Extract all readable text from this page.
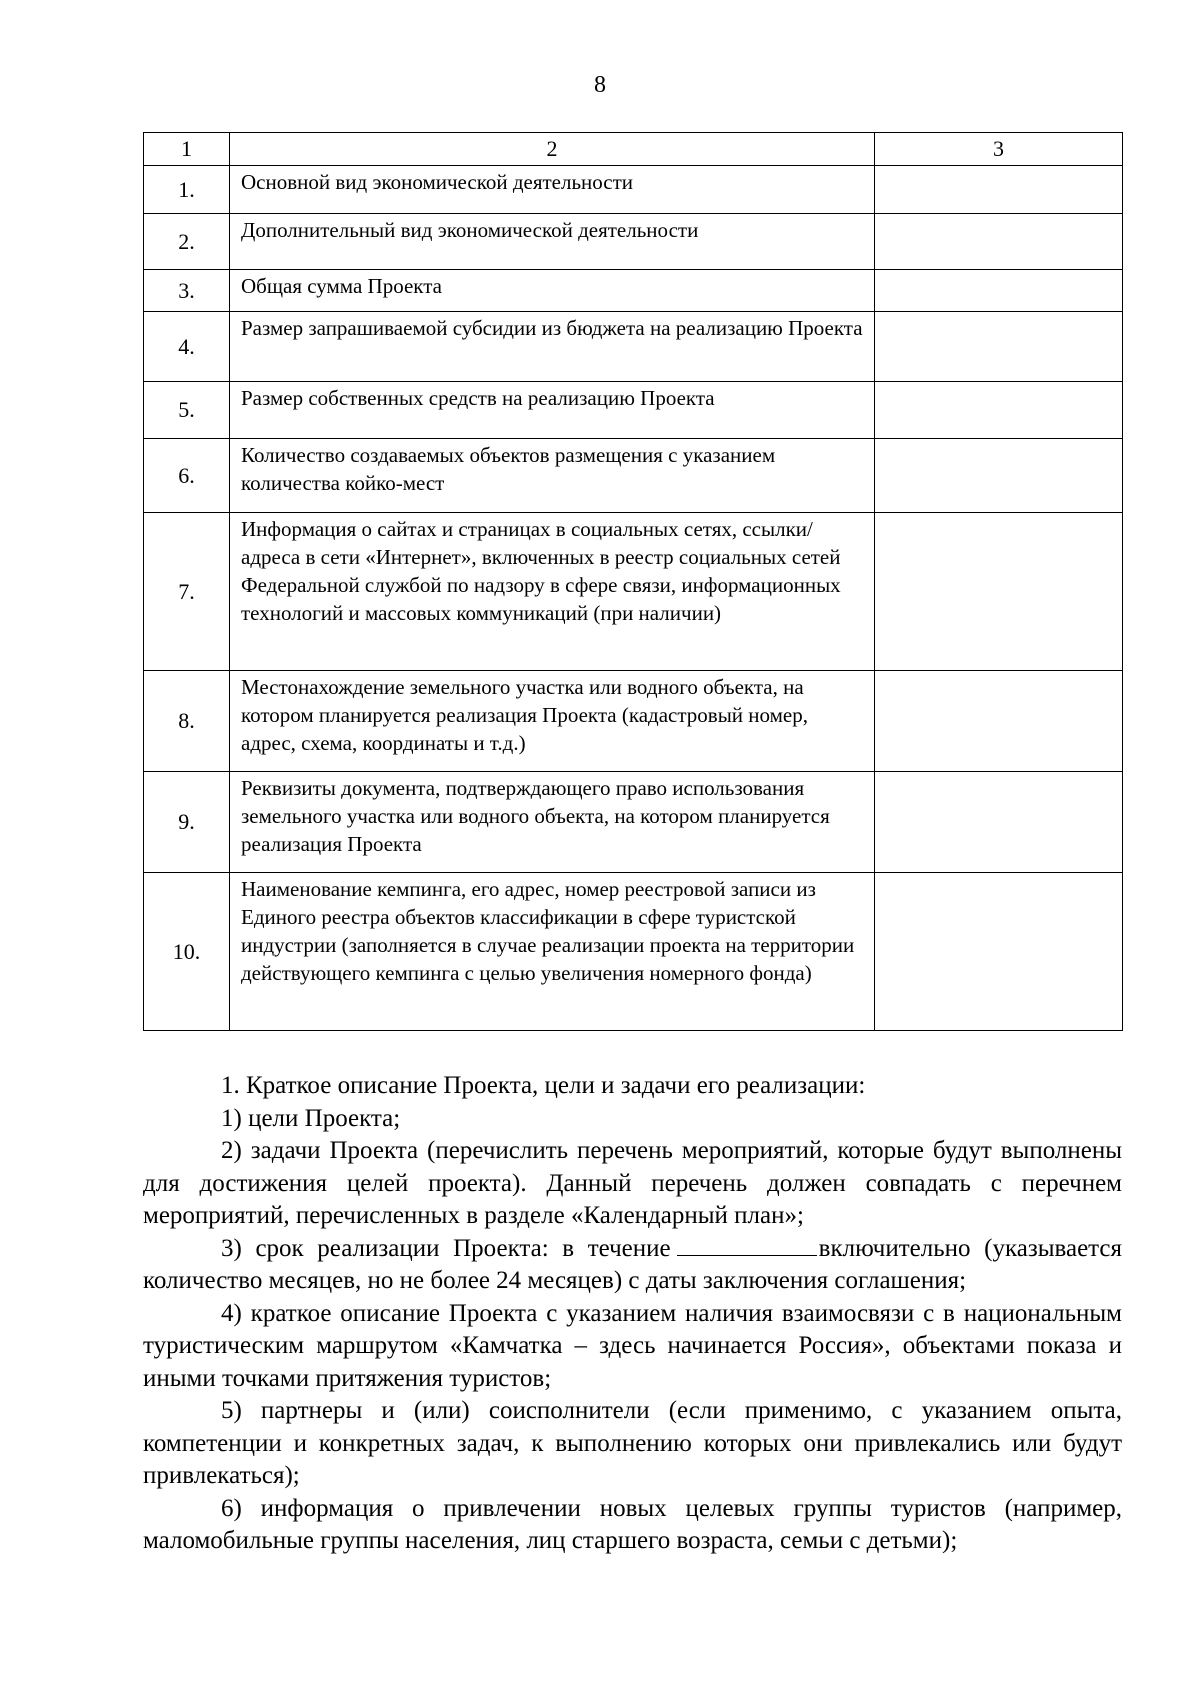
8
1	2	3
1.	Основной вид экономической деятельности	
2.	Дополнительный вид экономической деятельности	
3.	Общая сумма Проекта	
4.	Размер запрашиваемой субсидии из бюджета на реализацию Проекта	
5.	Размер собственных средств на реализацию Проекта	
6.	Количество создаваемых объектов размещения с указанием количества койко-мест	
7.	Информация о сайтах и страницах в социальных сетях, ссылки/адреса в сети «Интернет», включенных в реестр социальных сетей Федеральной службой по надзору в сфере связи, информационных технологий и массовых коммуникаций (при наличии)	
8.	Местонахождение земельного участка или водного объекта, на котором планируется реализация Проекта (кадастровый номер, адрес, схема, координаты и т.д.)	
9.	Реквизиты документа, подтверждающего право использования земельного участка или водного объекта, на котором планируется реализация Проекта	
10.	Наименование кемпинга, его адрес, номер реестровой записи из Единого реестра объектов классификации в сфере туристской индустрии (заполняется в случае реализации проекта на территории действующего кемпинга с целью увеличения номерного фонда)	

1. Краткое описание Проекта, цели и задачи его реализации:

1) цели Проекта;

2) задачи Проекта (перечислить перечень мероприятий, которые будут выполнены для достижения целей проекта). Данный перечень должен совпадать с перечнем мероприятий, перечисленных в разделе «Календарный план»;

3) срок реализации Проекта: в течение	включительно (указывается количество месяцев, но не более 24 месяцев) с даты заключения соглашения;

4) краткое описание Проекта с указанием наличия взаимосвязи с в национальным туристическим маршрутом «Камчатка – здесь начинается Россия», объектами показа и иными точками притяжения туристов;

5) партнеры и (или) соисполнители (если применимо, с указанием опыта, компетенции и конкретных задач, к выполнению которых они привлекались или будут привлекаться);

6) информация о привлечении новых целевых группы туристов (например, маломобильные группы населения, лиц старшего возраста, семьи с детьми);
